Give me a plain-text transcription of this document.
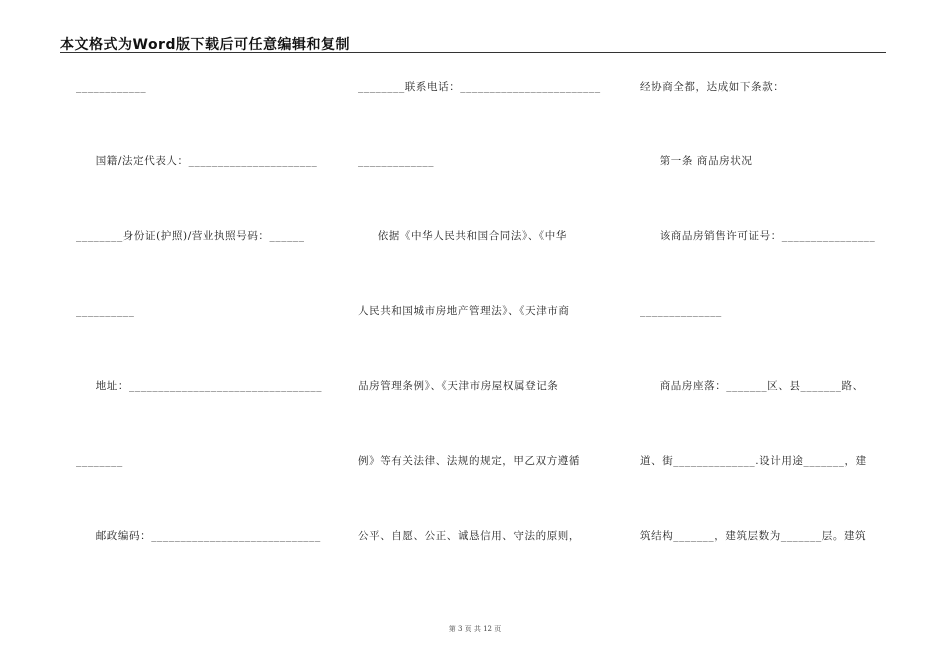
本文格式为Word版下载后可任意编辑和复制
____________
国籍/法定代表人：______________________
________身份证(护照)/营业执照号码：______
__________
地址：_________________________________
________
邮政编码：_____________________________
________联系电话：________________________
_____________
依据《中华人民共和国合同法》、《中华
人民共和国城市房地产管理法》、《天津市商
品房管理条例》、《天津市房屋权属登记条
例》等有关法律、法规的规定，甲乙双方遵循
公平、自愿、公正、诚恳信用、守法的原则，
经协商全都，达成如下条款：
第一条 商品房状况
该商品房销售许可证号：________________
______________
商品房座落：_______区、县_______路、
道、街______________.设计用途_______，建
筑结构_______，建筑层数为_______层。建筑
第 3 页 共 12 页
